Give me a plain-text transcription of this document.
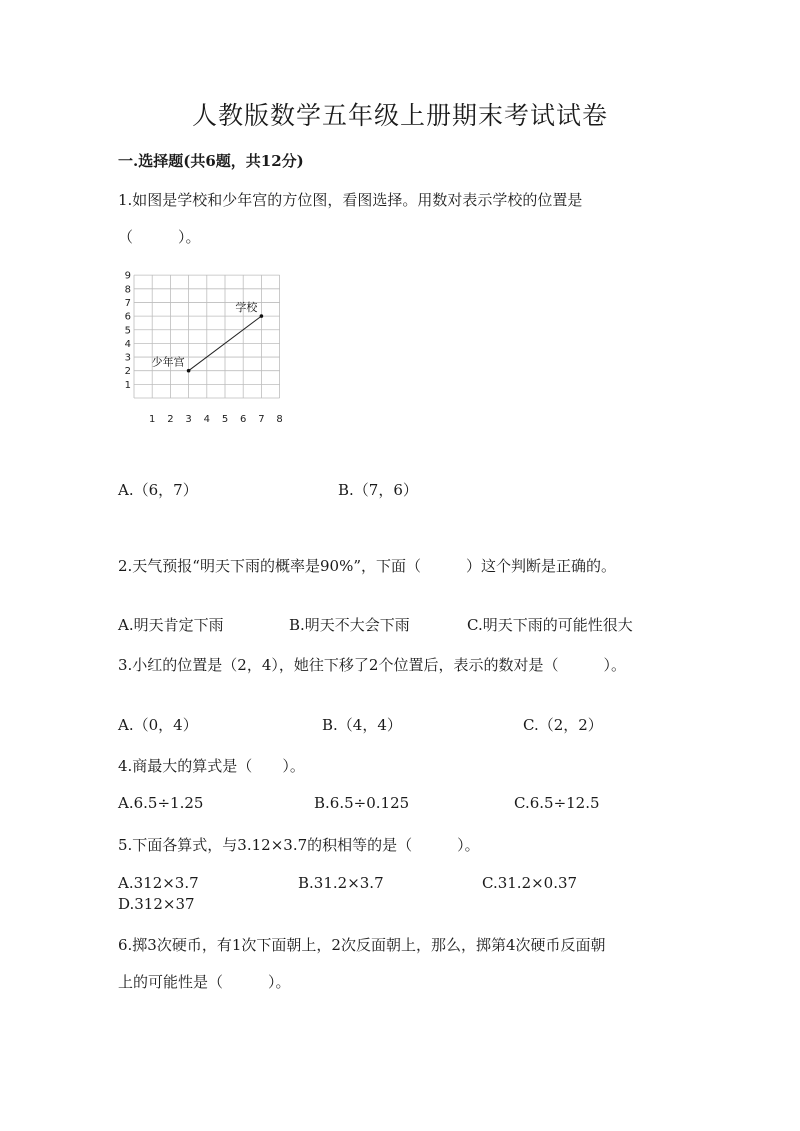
人教版数学五年级上册期末考试试卷
一.选择题(共6题，共12分)
1.如图是学校和少年宫的方位图，看图选择。用数对表示学校的位置是
（　　　）。
1
2
3
4
5
6
7
8
9
1 2 3 4 5 6 7 8
学校
少年宫
A.（6，7）	B.（7，6）
2.天气预报“明天下雨的概率是90%”，下面（　　　）这个判断是正确的。
A.明天肯定下雨	B.明天不大会下雨	C.明天下雨的可能性很大
3.小红的位置是（2，4），她往下移了2个位置后，表示的数对是（　　　）。
A.（0，4）	B.（4，4）	C.（2，2）
4.商最大的算式是（　　）。
A.6.5÷1.25	B.6.5÷0.125	C.6.5÷12.5
5.下面各算式，与3.12×3.7的积相等的是（　　　）。
A.312×3.7	B.31.2×3.7	C.31.2×0.37
D.312×37
6.掷3次硬币，有1次下面朝上，2次反面朝上，那么，掷第4次硬币反面朝
上的可能性是（　　　）。
